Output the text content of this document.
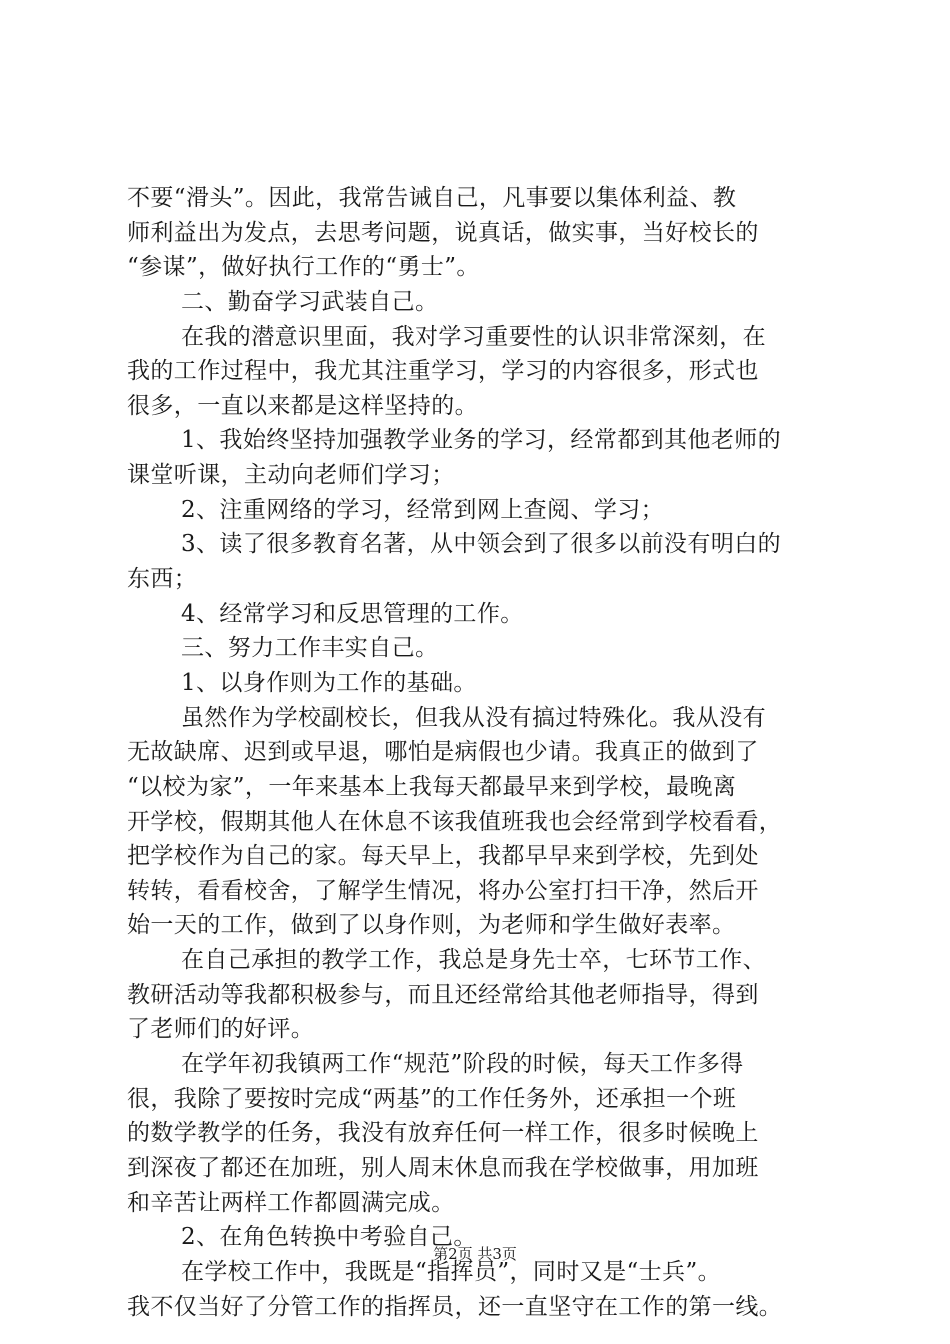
不要“滑头”。因此，我常告诫自己，凡事要以集体利益、教
师利益出为发点，去思考问题，说真话，做实事，当好校长的
“参谋”，做好执行工作的“勇士”。
二、勤奋学习武装自己。
在我的潜意识里面，我对学习重要性的认识非常深刻，在
我的工作过程中，我尤其注重学习，学习的内容很多，形式也
很多，一直以来都是这样坚持的。
1、我始终坚持加强教学业务的学习，经常都到其他老师的
课堂听课，主动向老师们学习；
2、注重网络的学习，经常到网上查阅、学习；
3、读了很多教育名著，从中领会到了很多以前没有明白的
东西；
4、经常学习和反思管理的工作。
三、努力工作丰实自己。
1、以身作则为工作的基础。
虽然作为学校副校长，但我从没有搞过特殊化。我从没有
无故缺席、迟到或早退，哪怕是病假也少请。我真正的做到了
“以校为家”，一年来基本上我每天都最早来到学校，最晚离
开学校，假期其他人在休息不该我值班我也会经常到学校看看，
把学校作为自己的家。每天早上，我都早早来到学校，先到处
转转，看看校舍，了解学生情况，将办公室打扫干净，然后开
始一天的工作，做到了以身作则，为老师和学生做好表率。
在自己承担的教学工作，我总是身先士卒，七环节工作、
教研活动等我都积极参与，而且还经常给其他老师指导，得到
了老师们的好评。
在学年初我镇两工作“规范”阶段的时候，每天工作多得
很，我除了要按时完成“两基”的工作任务外，还承担一个班
的数学教学的任务，我没有放弃任何一样工作，很多时候晚上
到深夜了都还在加班，别人周末休息而我在学校做事，用加班
和辛苦让两样工作都圆满完成。
2、在角色转换中考验自己。
在学校工作中，我既是“指挥员”，同时又是“士兵”。
我不仅当好了分管工作的指挥员，还一直坚守在工作的第一线。
第2页 共3页
